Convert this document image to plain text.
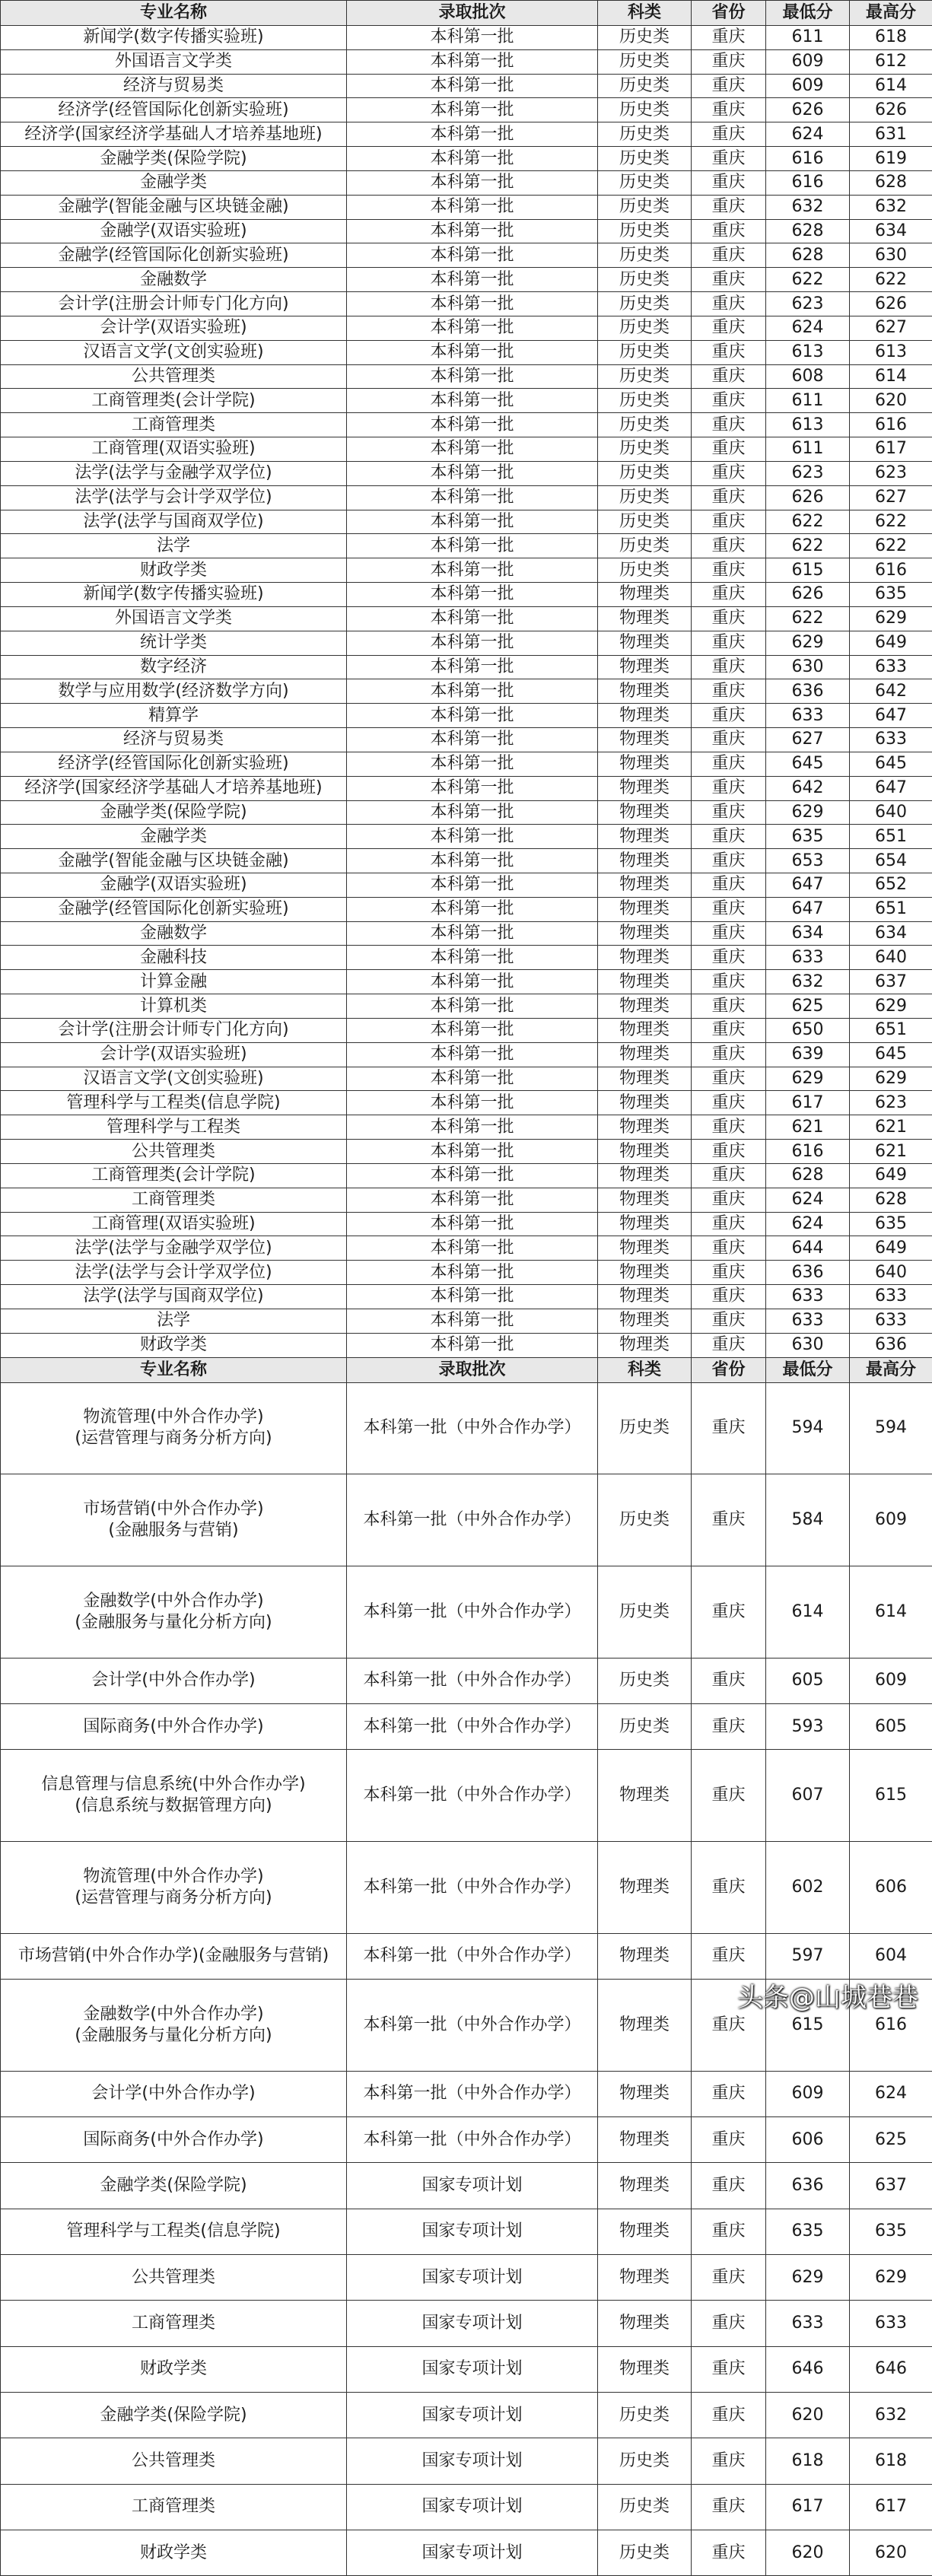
专业名称	录取批次	科类	省份	最低分	最高分
新闻学(数字传播实验班)	本科第一批	历史类	重庆	611	618
外国语言文学类	本科第一批	历史类	重庆	609	612
经济与贸易类	本科第一批	历史类	重庆	609	614
经济学(经管国际化创新实验班)	本科第一批	历史类	重庆	626	626
经济学(国家经济学基础人才培养基地班)	本科第一批	历史类	重庆	624	631
金融学类(保险学院)	本科第一批	历史类	重庆	616	619
金融学类	本科第一批	历史类	重庆	616	628
金融学(智能金融与区块链金融)	本科第一批	历史类	重庆	632	632
金融学(双语实验班)	本科第一批	历史类	重庆	628	634
金融学(经管国际化创新实验班)	本科第一批	历史类	重庆	628	630
金融数学	本科第一批	历史类	重庆	622	622
会计学(注册会计师专门化方向)	本科第一批	历史类	重庆	623	626
会计学(双语实验班)	本科第一批	历史类	重庆	624	627
汉语言文学(文创实验班)	本科第一批	历史类	重庆	613	613
公共管理类	本科第一批	历史类	重庆	608	614
工商管理类(会计学院)	本科第一批	历史类	重庆	611	620
工商管理类	本科第一批	历史类	重庆	613	616
工商管理(双语实验班)	本科第一批	历史类	重庆	611	617
法学(法学与金融学双学位)	本科第一批	历史类	重庆	623	623
法学(法学与会计学双学位)	本科第一批	历史类	重庆	626	627
法学(法学与国商双学位)	本科第一批	历史类	重庆	622	622
法学	本科第一批	历史类	重庆	622	622
财政学类	本科第一批	历史类	重庆	615	616
新闻学(数字传播实验班)	本科第一批	物理类	重庆	626	635
外国语言文学类	本科第一批	物理类	重庆	622	629
统计学类	本科第一批	物理类	重庆	629	649
数字经济	本科第一批	物理类	重庆	630	633
数学与应用数学(经济数学方向)	本科第一批	物理类	重庆	636	642
精算学	本科第一批	物理类	重庆	633	647
经济与贸易类	本科第一批	物理类	重庆	627	633
经济学(经管国际化创新实验班)	本科第一批	物理类	重庆	645	645
经济学(国家经济学基础人才培养基地班)	本科第一批	物理类	重庆	642	647
金融学类(保险学院)	本科第一批	物理类	重庆	629	640
金融学类	本科第一批	物理类	重庆	635	651
金融学(智能金融与区块链金融)	本科第一批	物理类	重庆	653	654
金融学(双语实验班)	本科第一批	物理类	重庆	647	652
金融学(经管国际化创新实验班)	本科第一批	物理类	重庆	647	651
金融数学	本科第一批	物理类	重庆	634	634
金融科技	本科第一批	物理类	重庆	633	640
计算金融	本科第一批	物理类	重庆	632	637
计算机类	本科第一批	物理类	重庆	625	629
会计学(注册会计师专门化方向)	本科第一批	物理类	重庆	650	651
会计学(双语实验班)	本科第一批	物理类	重庆	639	645
汉语言文学(文创实验班)	本科第一批	物理类	重庆	629	629
管理科学与工程类(信息学院)	本科第一批	物理类	重庆	617	623
管理科学与工程类	本科第一批	物理类	重庆	621	621
公共管理类	本科第一批	物理类	重庆	616	621
工商管理类(会计学院)	本科第一批	物理类	重庆	628	649
工商管理类	本科第一批	物理类	重庆	624	628
工商管理(双语实验班)	本科第一批	物理类	重庆	624	635
法学(法学与金融学双学位)	本科第一批	物理类	重庆	644	649
法学(法学与会计学双学位)	本科第一批	物理类	重庆	636	640
法学(法学与国商双学位)	本科第一批	物理类	重庆	633	633
法学	本科第一批	物理类	重庆	633	633
财政学类	本科第一批	物理类	重庆	630	636
专业名称	录取批次	科类	省份	最低分	最高分

物流管理(中外合作办学)
(运营管理与商务分析方向)	本科第一批（中外合作办学）	历史类	重庆	594	594

市场营销(中外合作办学)
(金融服务与营销)	本科第一批（中外合作办学）	历史类	重庆	584	609

金融数学(中外合作办学)
(金融服务与量化分析方向)	本科第一批（中外合作办学）	历史类	重庆	614	614

会计学(中外合作办学)	本科第一批（中外合作办学）	历史类	重庆	605	609

国际商务(中外合作办学)	本科第一批（中外合作办学）	历史类	重庆	593	605

信息管理与信息系统(中外合作办学)
(信息系统与数据管理方向)	本科第一批（中外合作办学）	物理类	重庆	607	615

物流管理(中外合作办学)
(运营管理与商务分析方向)	本科第一批（中外合作办学）	物理类	重庆	602	606

市场营销(中外合作办学)(金融服务与营销)	本科第一批（中外合作办学）	物理类	重庆	597	604

金融数学(中外合作办学)
(金融服务与量化分析方向)	本科第一批（中外合作办学）	物理类	重庆	615	616

会计学(中外合作办学)	本科第一批（中外合作办学）	物理类	重庆	609	624

国际商务(中外合作办学)	本科第一批（中外合作办学）	物理类	重庆	606	625

金融学类(保险学院)	国家专项计划	物理类	重庆	636	637

管理科学与工程类(信息学院)	国家专项计划	物理类	重庆	635	635

公共管理类	国家专项计划	物理类	重庆	629	629

工商管理类	国家专项计划	物理类	重庆	633	633

财政学类	国家专项计划	物理类	重庆	646	646

金融学类(保险学院)	国家专项计划	历史类	重庆	620	632

公共管理类	国家专项计划	历史类	重庆	618	618

工商管理类	国家专项计划	历史类	重庆	617	617

财政学类	国家专项计划	历史类	重庆	620	620
头条@山城巷巷
